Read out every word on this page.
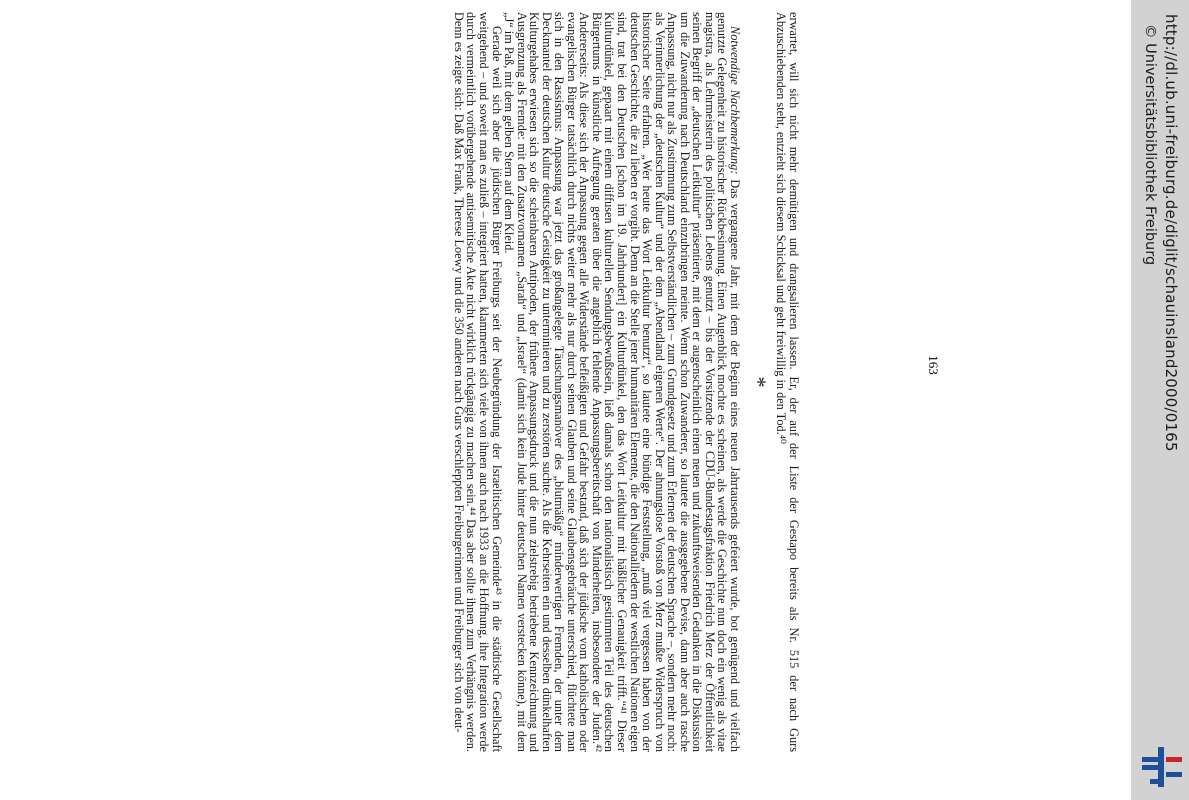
erwartet, will sich nicht mehr demütigen und drangsalieren lassen. Er, der auf der Liste der Gestapo bereits als Nr. 515 der nach Gurs Abzuschiebenden steht, entzieht sich diesem Schicksal und geht freiwillig in den Tod.⁴⁰

*

Notwendige Nachbemerkung: Das vergangene Jahr, mit dem der Beginn eines neuen Jahrtausends gefeiert wurde, bot genügend und vielfach genutzte Gelegenheit zu historischer Rückbesinnung. Einen Augenblick mochte es scheinen, als werde die Geschichte nun doch ein wenig als vitae magistra, als Lehrmeisterin des politischen Lebens genutzt – bis der Vorsitzende der CDU-Bundestagsfraktion Friedrich Merz der Öffentlichkeit seinen Begriff der „deutschen Leitkultur“ präsentierte, mit dem er augenscheinlich einen neuen und zukunftsweisenden Gedanken in die Diskussion um die Zuwanderung nach Deutschland einzubringen meinte. Wenn schon Zuwanderer, so lautete die ausgegebene Devise, dann aber auch rasche Anpassung, nicht nur als Zustimmung zum Selbstverständlichen – zum Grundgesetz und zum Erlernen der deutschen Sprache –, sondern mehr noch: als Verinnerlichung der „deutschen Kultur“ und der dem „Abendland eigenen Werte“. Der ahnungslose Vorstoß von Merz mußte Widerspruch von historischer Seite erfahren. „Wer heute das Wort Leitkultur benutzt“, so lautete eine bündige Feststellung, „muß viel vergessen haben von der deutschen Geschichte, die zu lieben er vorgibt. Denn an die Stelle jener humanitären Elemente, die den Nationalliedern der westlichen Nationen eigen sind, trat bei den Deutschen [schon im 19. Jahrhundert] ein Kulturdünkel, den das Wort Leitkultur mit häßlicher Genauigkeit trifft.“⁴¹ Dieser Kulturdünkel, gepaart mit einem diffusen kulturellen Sendungsbewußtsein, ließ damals schon den nationalistisch gestimmten Teil des deutschen Bürgertums in künstliche Aufregung geraten über die angeblich fehlende Anpassungsbereitschaft von Minderheiten, insbesondere der Juden.⁴² Andererseits: Als diese sich der Anpassung gegen alle Widerstände befleißigten und Gefahr bestand, daß sich der jüdische vom katholischen oder evangelischen Bürger tatsächlich durch nichts weiter mehr als nur durch seinen Glauben und seine Glaubensgebräuche unterschied, flüchtete man sich in den Rassismus: Anpassung war jetzt das großangelegte Täuschungsmanöver des „blutmäßig“ minderwertigen Fremden, der unter dem Deckmantel der deutschen Kultur deutsche Geistigkeit zu unterminieren und zu zerstören suchte. Als die Kehrseiten ein und desselben dünkelhaften Kulturgehabes erwiesen sich so die scheinbaren Antipoden, der frühere Anpassungsdruck und die nun zielstrebig betriebene Kennzeichnung und Ausgrenzung als Fremde: mit den Zusatzvornamen „Sarah“ und „Israel“ (damit sich kein Jude hinter deutschen Namen verstecken könne), mit dem „J“ im Paß, mit dem gelben Stern auf dem Kleid.

Gerade weil sich aber die jüdischen Bürger Freiburgs seit der Neubegründung der Israelitischen Gemeinde⁴³ in die städtische Gesellschaft weitgehend – und soweit man es zuließ – integriert hatten, klammerten sich viele von ihnen auch nach 1933 an die Hoffnung, ihre Integration werde durch vermeintlich vorübergehende antisemitische Akte nicht wirklich rückgängig zu machen sein.⁴⁴ Das aber sollte ihnen zum Verhängnis werden. Denn es zeigte sich: Daß Max Frank, Therese Loewy und die 350 anderen nach Gurs verschleppten Freiburgerinnen und Freiburger sich von deut-	163	http://dl.ub.uni-freiburg.de/diglit/schauinsland2000/0165
© Universitätsbibliothek Freiburg
